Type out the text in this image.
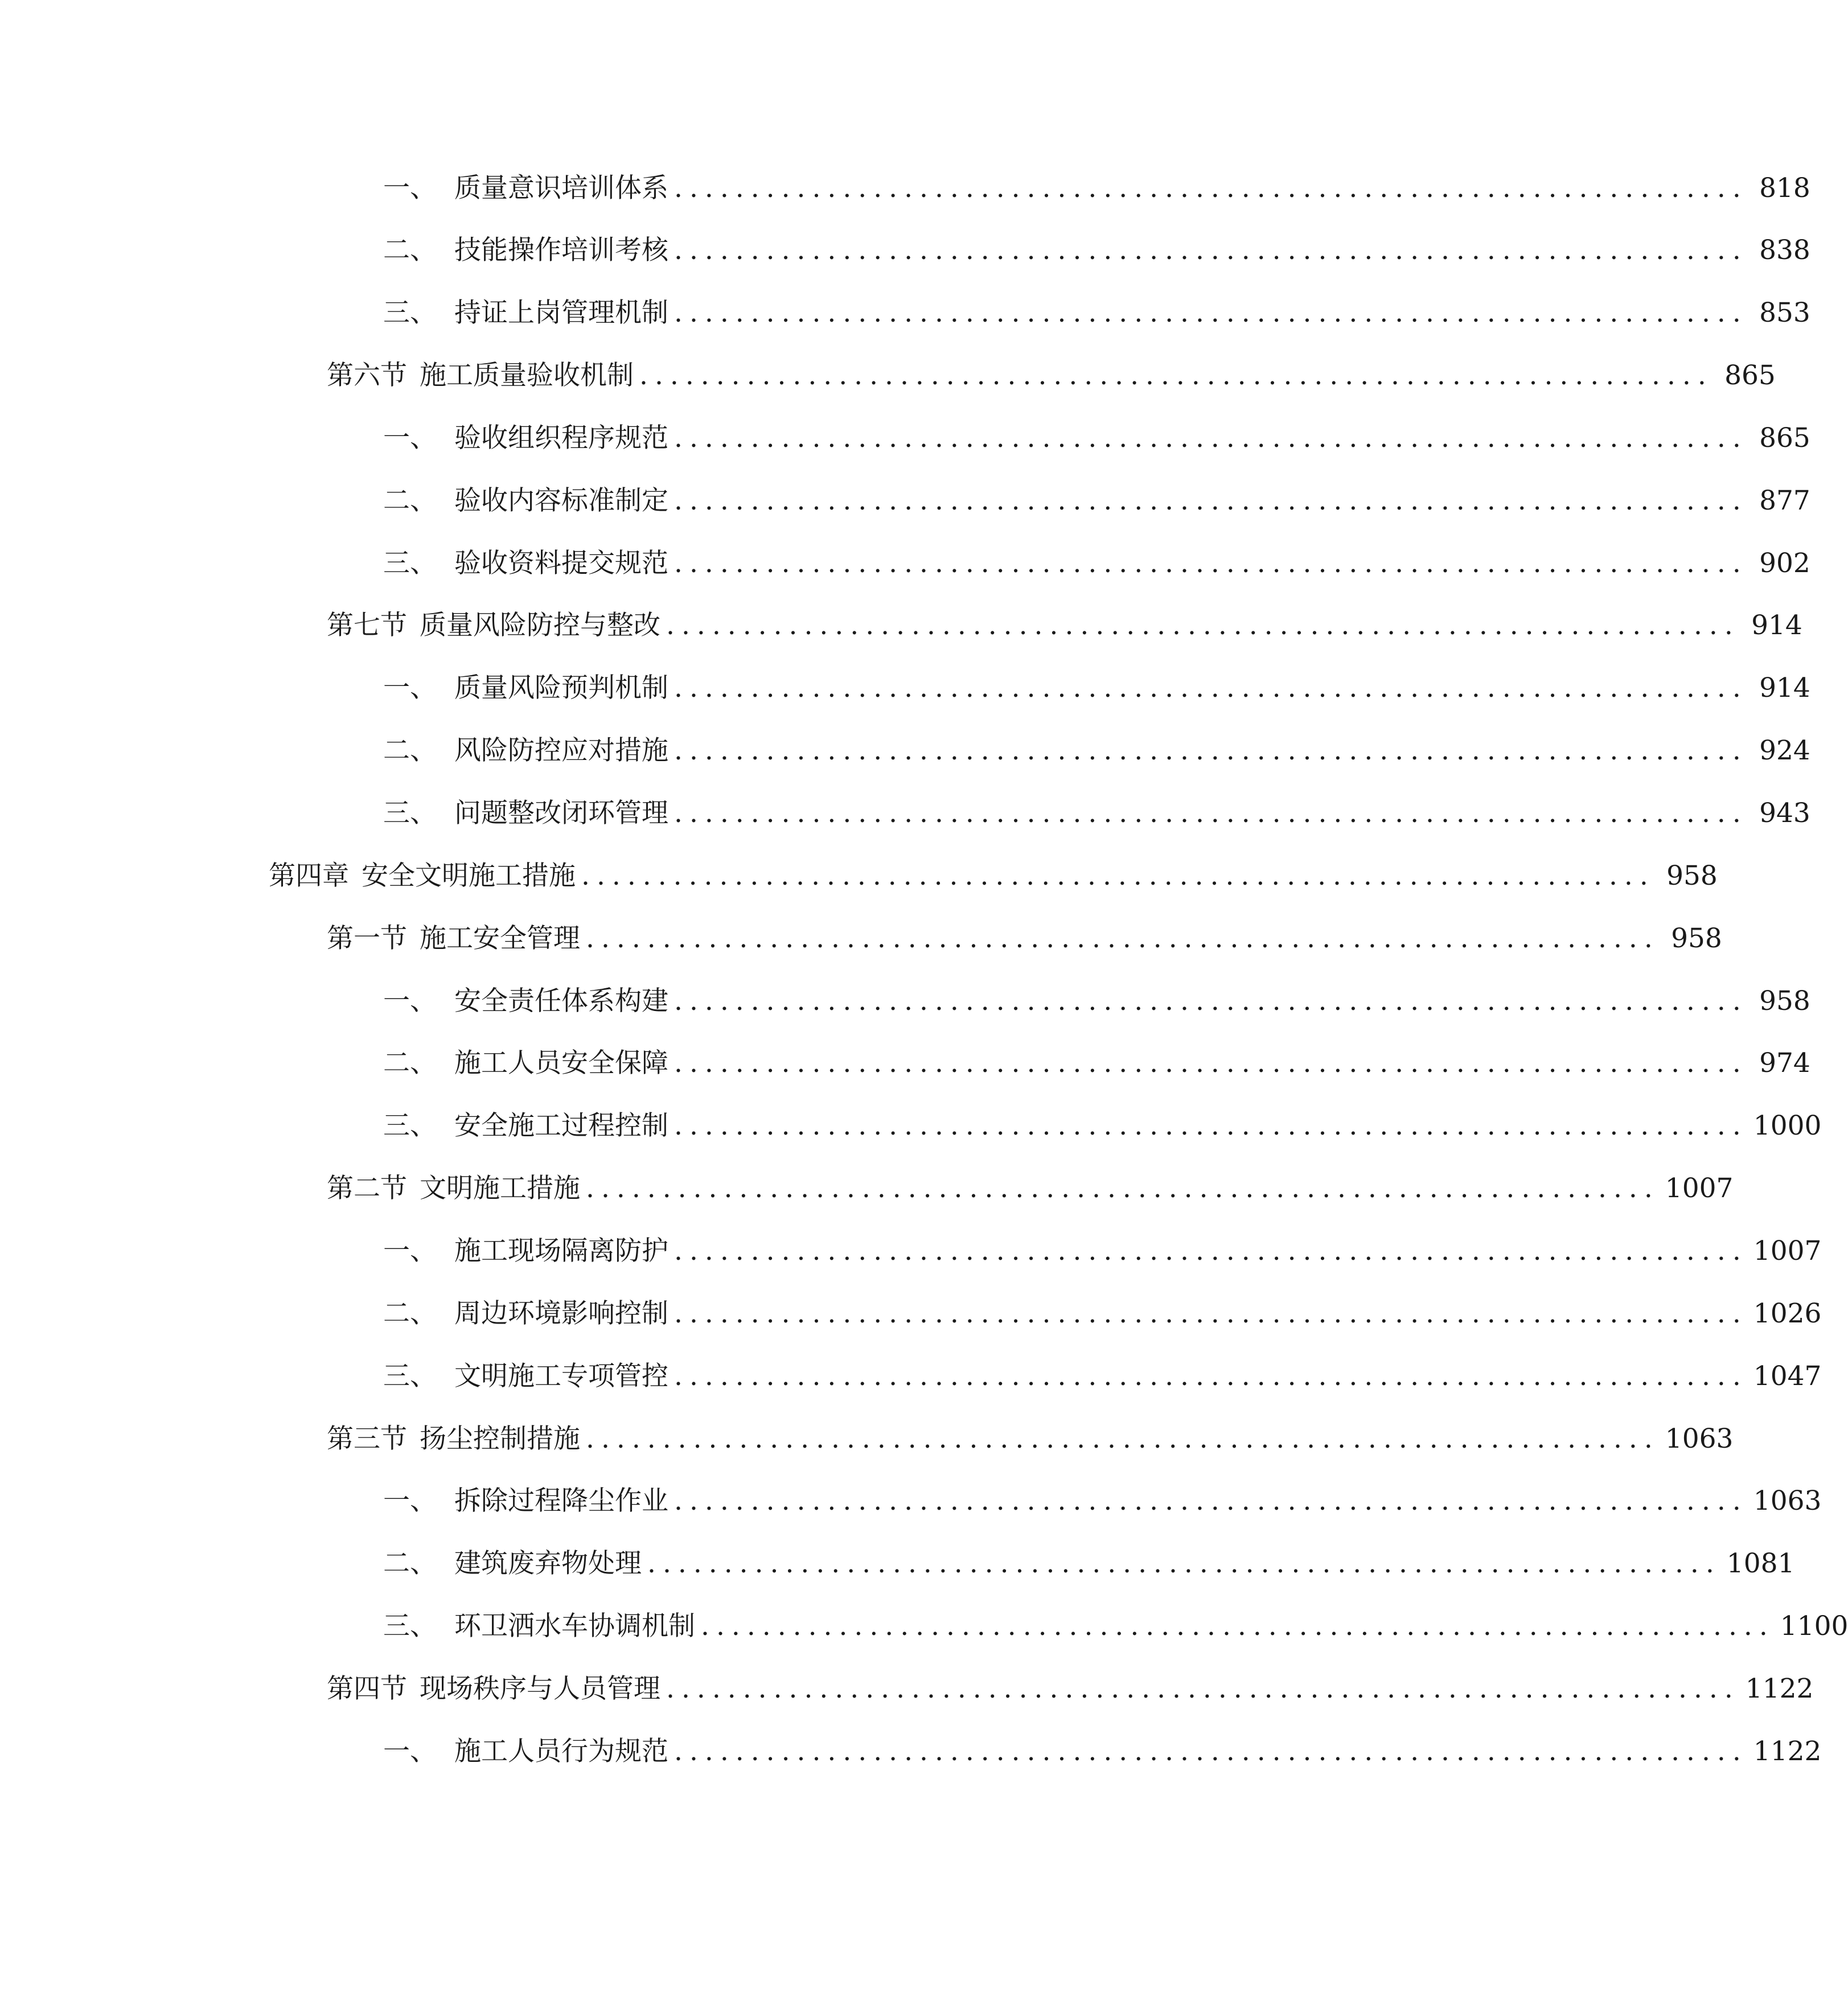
一、 质量意识培训体系 ...................................................................... 818
二、 技能操作培训考核 ...................................................................... 838
三、 持证上岗管理机制 ...................................................................... 853
第六节 施工质量验收机制 ...................................................................... 865
一、 验收组织程序规范 ...................................................................... 865
二、 验收内容标准制定 ...................................................................... 877
三、 验收资料提交规范 ...................................................................... 902
第七节 质量风险防控与整改 ...................................................................... 914
一、 质量风险预判机制 ...................................................................... 914
二、 风险防控应对措施 ...................................................................... 924
三、 问题整改闭环管理 ...................................................................... 943
第四章 安全文明施工措施 ...................................................................... 958
第一节 施工安全管理 ...................................................................... 958
一、 安全责任体系构建 ...................................................................... 958
二、 施工人员安全保障 ...................................................................... 974
三、 安全施工过程控制 ...................................................................... 1000
第二节 文明施工措施 ...................................................................... 1007
一、 施工现场隔离防护 ...................................................................... 1007
二、 周边环境影响控制 ...................................................................... 1026
三、 文明施工专项管控 ...................................................................... 1047
第三节 扬尘控制措施 ...................................................................... 1063
一、 拆除过程降尘作业 ...................................................................... 1063
二、 建筑废弃物处理 ...................................................................... 1081
三、 环卫洒水车协调机制 ...................................................................... 1100
第四节 现场秩序与人员管理 ...................................................................... 1122
一、 施工人员行为规范 ...................................................................... 1122
